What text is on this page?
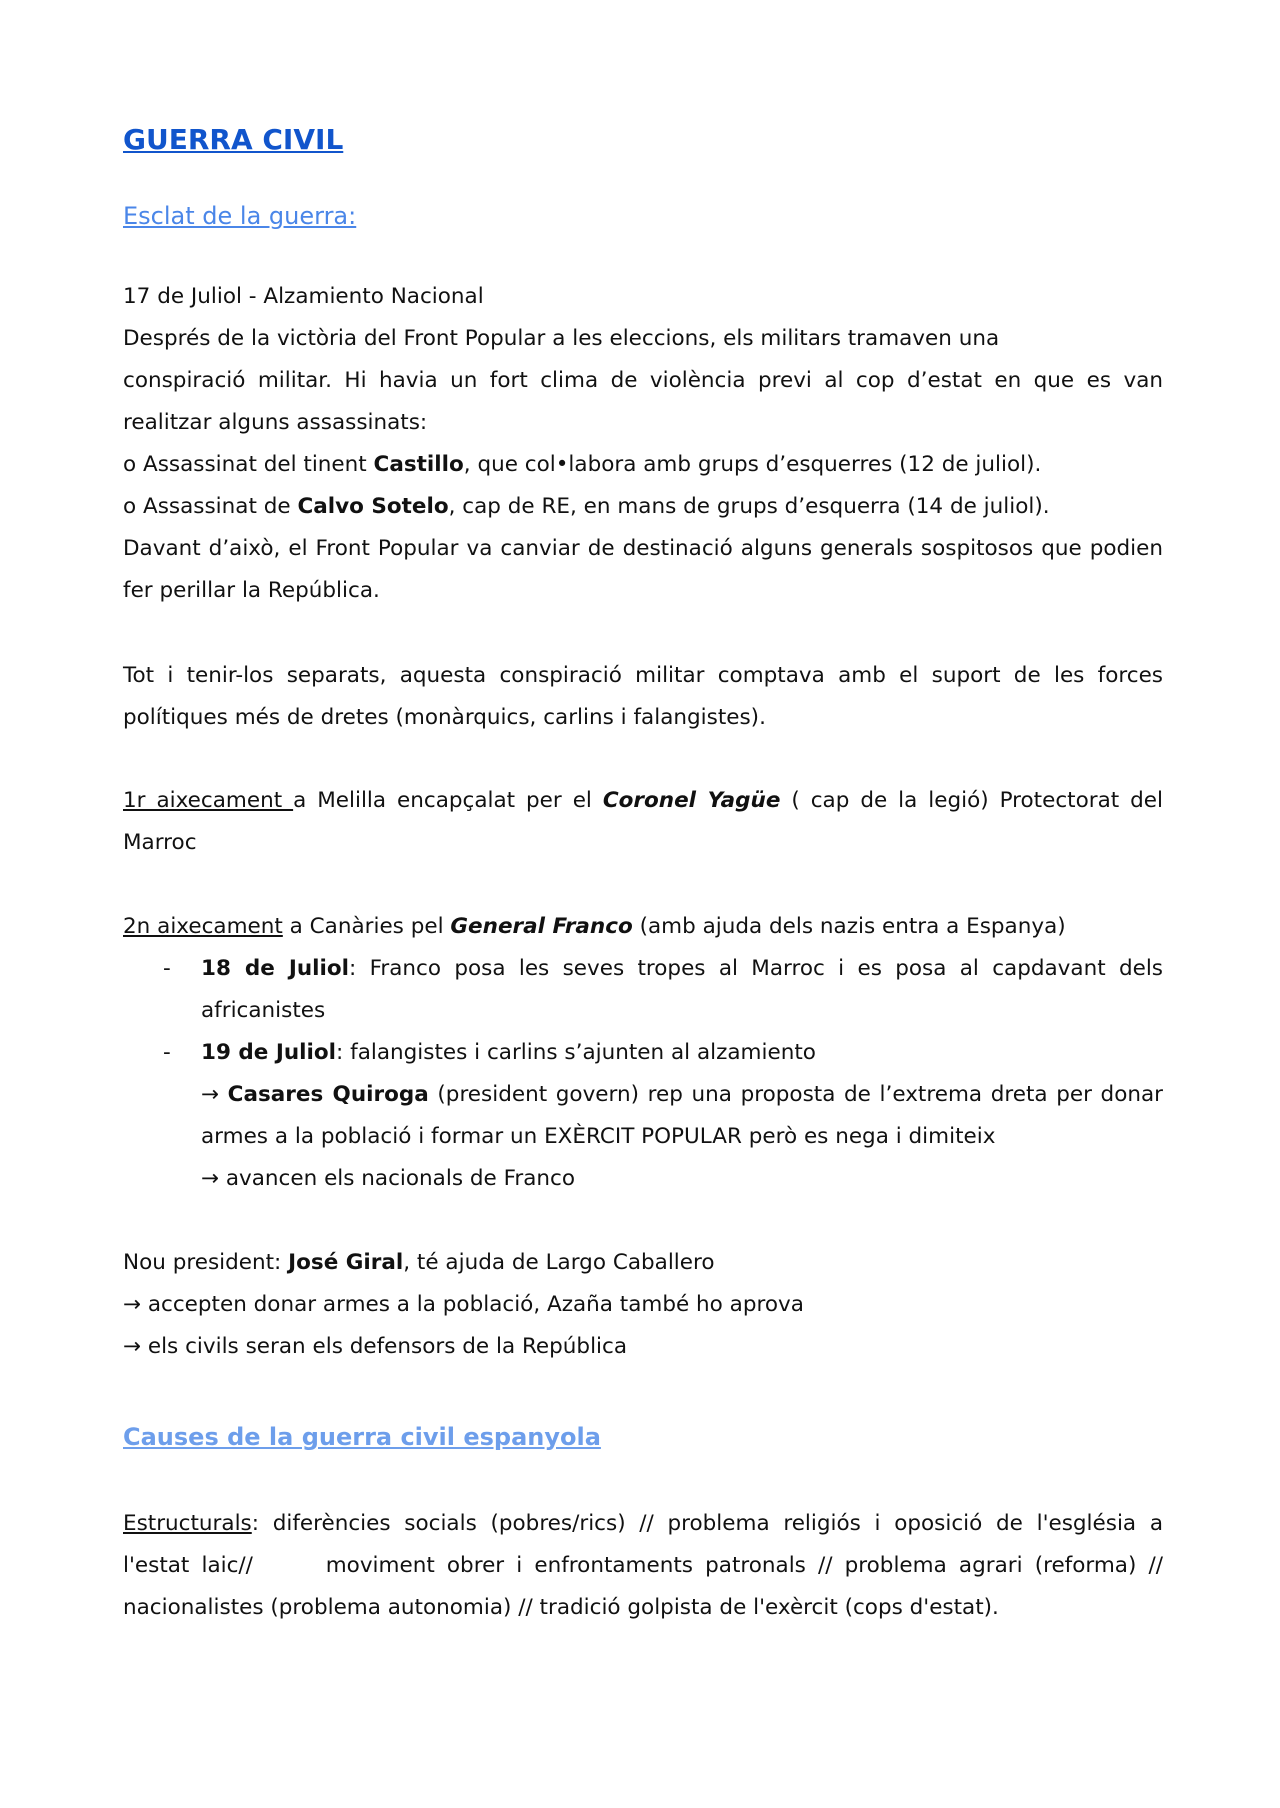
GUERRA CIVIL
Esclat de la guerra:

17 de Juliol - Alzamiento Nacional

Després de la victòria del Front Popular a les eleccions, els militars tramaven una

conspiració militar. Hi havia un fort clima de violència previ al cop d’estat en que es van

realitzar alguns assassinats:

o Assassinat del tinent Castillo, que col•labora amb grups d’esquerres (12 de juliol).

o Assassinat de Calvo Sotelo, cap de RE, en mans de grups d’esquerra (14 de juliol).

Davant d’això, el Front Popular va canviar de destinació alguns generals sospitosos que podien

fer perillar la República.

Tot i tenir-los separats, aquesta conspiració militar comptava amb el suport de les forces

polítiques més de dretes (monàrquics, carlins i falangistes).

1r aixecament a Melilla encapçalat per el Coronel Yagüe ( cap de la legió) Protectorat del

Marroc

2n aixecament a Canàries pel General Franco (amb ajuda dels nazis entra a Espanya)

- 18 de Juliol: Franco posa les seves tropes al Marroc i es posa al capdavant dels

africanistes

- 19 de Juliol: falangistes i carlins s’ajunten al alzamiento

→ Casares Quiroga (president govern) rep una proposta de l’extrema dreta per donar

armes a la població i formar un EXÈRCIT POPULAR però es nega i dimiteix

→ avancen els nacionals de Franco

Nou president: José Giral, té ajuda de Largo Caballero

→ accepten donar armes a la població, Azaña també ho aprova

→ els civils seran els defensors de la República

Causes de la guerra civil espanyola

Estructurals: diferències socials (pobres/rics) // problema religiós i oposició de l'església a

l'estat laic//      moviment obrer i enfrontaments patronals // problema agrari (reforma) //

nacionalistes (problema autonomia) // tradició golpista de l'exèrcit (cops d'estat).
